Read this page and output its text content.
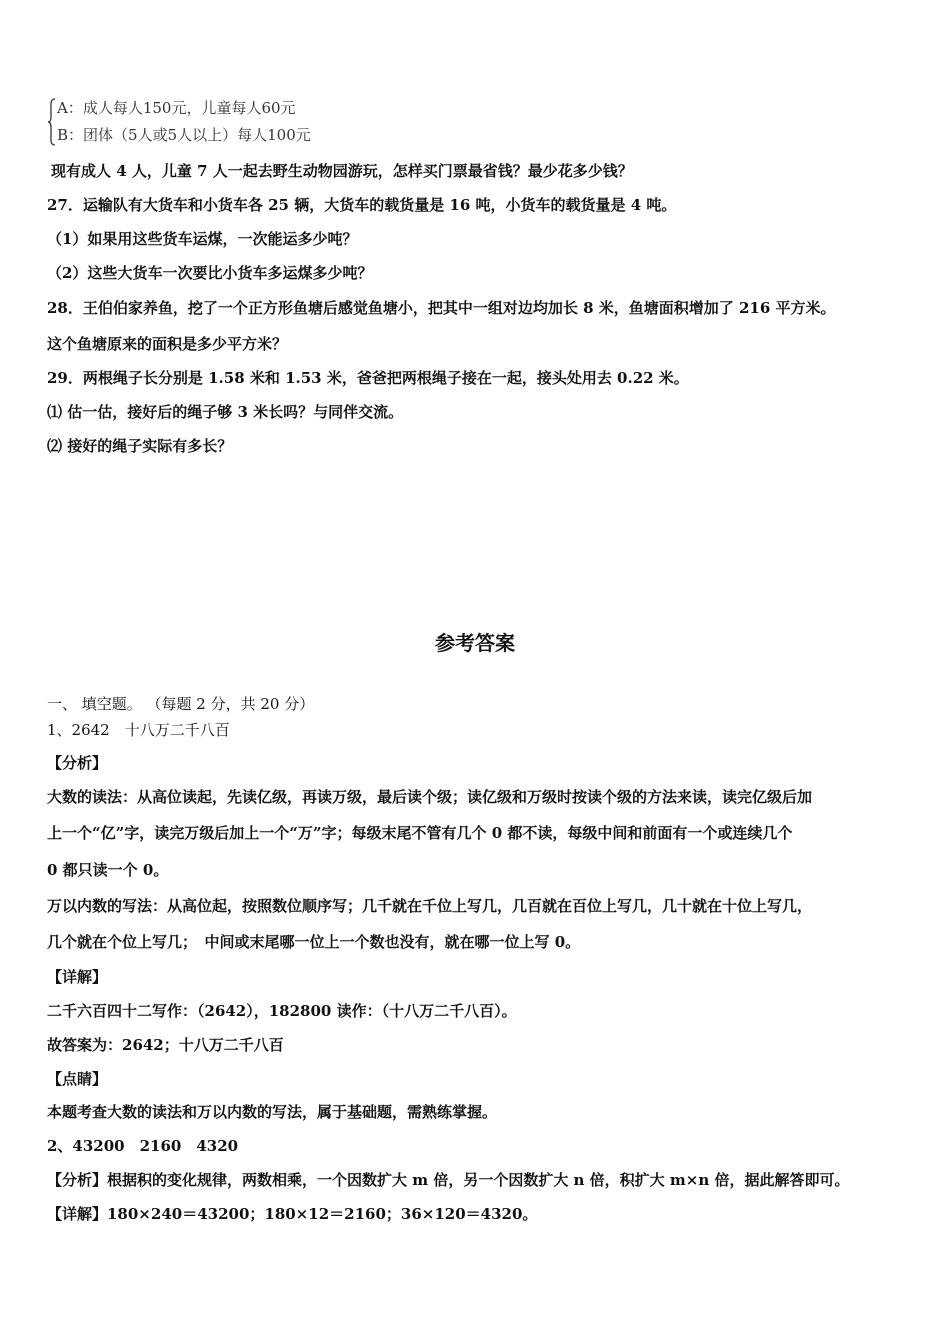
A：成人每人150元，儿童每人60元
B：团体（5人或5人以上）每人100元
现有成人 4 人，儿童 7 人一起去野生动物园游玩，怎样买门票最省钱？最少花多少钱？
27．运输队有大货车和小货车各 25 辆，大货车的载货量是 16 吨，小货车的载货量是 4 吨。
（1）如果用这些货车运煤，一次能运多少吨？
（2）这些大货车一次要比小货车多运煤多少吨？
28．王伯伯家养鱼，挖了一个正方形鱼塘后感觉鱼塘小，把其中一组对边均加长 8 米，鱼塘面积增加了 216 平方米。
这个鱼塘原来的面积是多少平方米？
29．两根绳子长分别是 1.58 米和 1.53 米，爸爸把两根绳子接在一起，接头处用去 0.22 米。
⑴ 估一估，接好后的绳子够 3 米长吗？与同伴交流。
⑵ 接好的绳子实际有多长？
参考答案
一、 填空题。 （每题 2 分，共 20 分）
1、2642　十八万二千八百
【分析】
大数的读法：从高位读起，先读亿级，再读万级，最后读个级；读亿级和万级时按读个级的方法来读，读完亿级后加
上一个“亿”字，读完万级后加上一个“万”字；每级末尾不管有几个 0 都不读，每级中间和前面有一个或连续几个
0 都只读一个 0。
万以内数的写法：从高位起，按照数位顺序写；几千就在千位上写几，几百就在百位上写几，几十就在十位上写几，
几个就在个位上写几；　中间或末尾哪一位上一个数也没有，就在哪一位上写 0。
【详解】
二千六百四十二写作：（2642），182800 读作：（十八万二千八百）。
故答案为：2642；十八万二千八百
【点睛】
本题考查大数的读法和万以内数的写法，属于基础题，需熟练掌握。
2、43200　2160　4320
【分析】根据积的变化规律，两数相乘，一个因数扩大 m 倍，另一个因数扩大 n 倍，积扩大 m×n 倍，据此解答即可。
【详解】180×240＝43200；180×12＝2160；36×120＝4320。
